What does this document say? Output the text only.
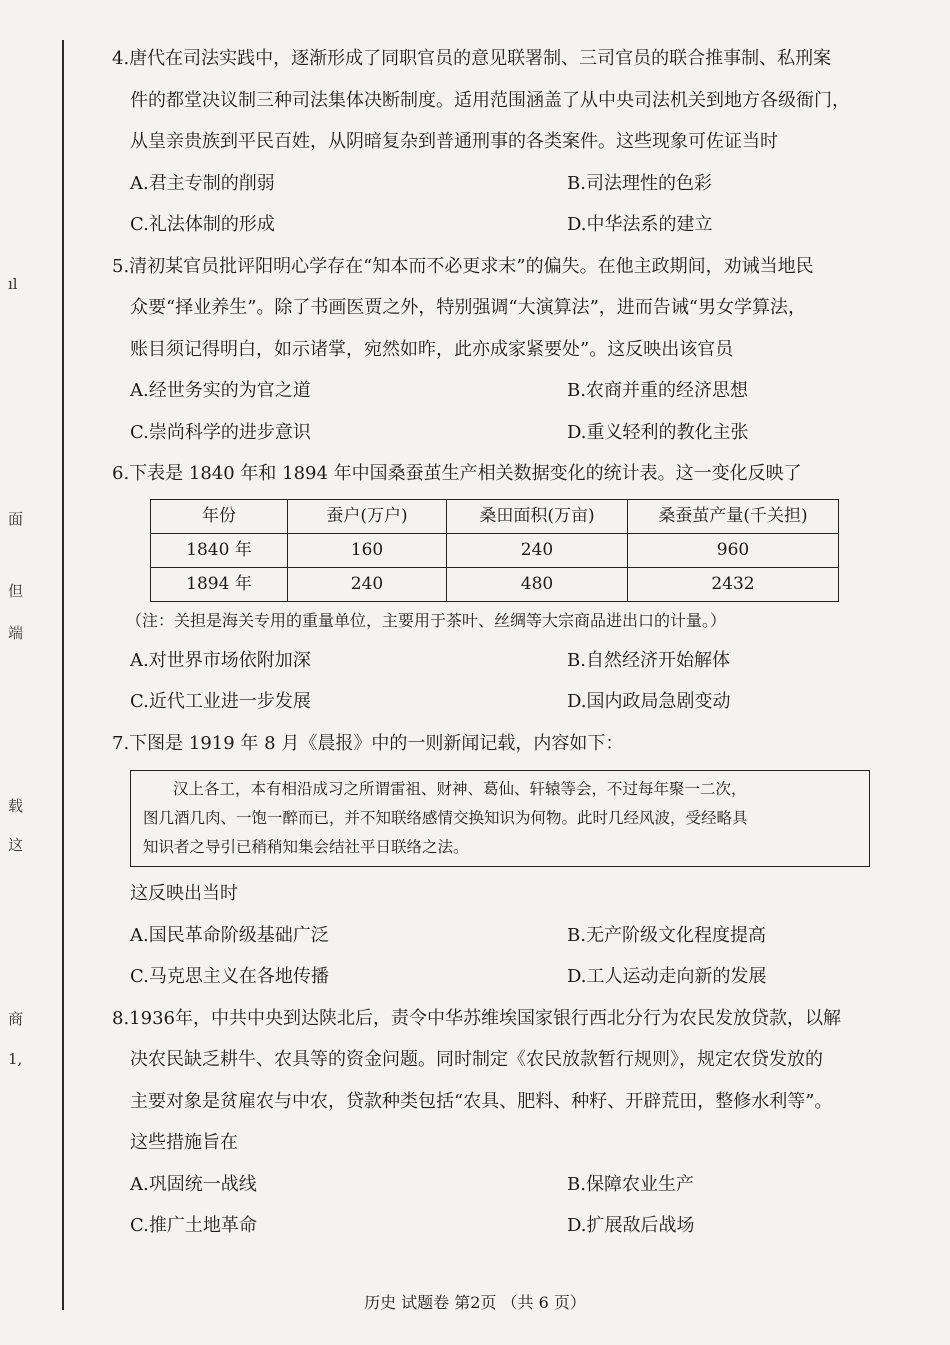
ıl
面
但
端
载
这
商
1,
4.唐代在司法实践中，逐渐形成了同职官员的意见联署制、三司官员的联合推事制、私刑案
件的都堂决议制三种司法集体决断制度。适用范围涵盖了从中央司法机关到地方各级衙门，
从皇亲贵族到平民百姓，从阴暗复杂到普通刑事的各类案件。这些现象可佐证当时
A.君主专制的削弱	B.司法理性的色彩
C.礼法体制的形成	D.中华法系的建立
5.清初某官员批评阳明心学存在“知本而不必更求末”的偏失。在他主政期间，劝诫当地民
众要“择业养生”。除了书画医贾之外，特别强调“大演算法”，进而告诫“男女学算法，
账目须记得明白，如示诸掌，宛然如昨，此亦成家紧要处”。这反映出该官员
A.经世务实的为官之道	B.农商并重的经济思想
C.崇尚科学的进步意识	D.重义轻利的教化主张
6.下表是 1840 年和 1894 年中国桑蚕茧生产相关数据变化的统计表。这一变化反映了
年份	蚕户(万户)	桑田面积(万亩)	桑蚕茧产量(千关担)
1840 年	160	240	960
1894 年	240	480	2432
（注：关担是海关专用的重量单位，主要用于茶叶、丝绸等大宗商品进出口的计量。）
A.对世界市场依附加深	B.自然经济开始解体
C.近代工业进一步发展	D.国内政局急剧变动
7.下图是 1919 年 8 月《晨报》中的一则新闻记载，内容如下：
汉上各工，本有相沿成习之所谓雷祖、财神、葛仙、轩辕等会，不过每年聚一二次，
图几酒几肉、一饱一醉而已，并不知联络感情交换知识为何物。此时几经风波，受经略具
知识者之导引已稍稍知集会结社平日联络之法。
这反映出当时
A.国民革命阶级基础广泛	B.无产阶级文化程度提高
C.马克思主义在各地传播	D.工人运动走向新的发展
8.1936年，中共中央到达陕北后，责令中华苏维埃国家银行西北分行为农民发放贷款，以解
决农民缺乏耕牛、农具等的资金问题。同时制定《农民放款暂行规则》，规定农贷发放的
主要对象是贫雇农与中农，贷款种类包括“农具、肥料、种籽、开辟荒田，整修水利等”。
这些措施旨在
A.巩固统一战线	B.保障农业生产
C.推广土地革命	D.扩展敌后战场
历史 试题卷 第2页 （共 6 页）
